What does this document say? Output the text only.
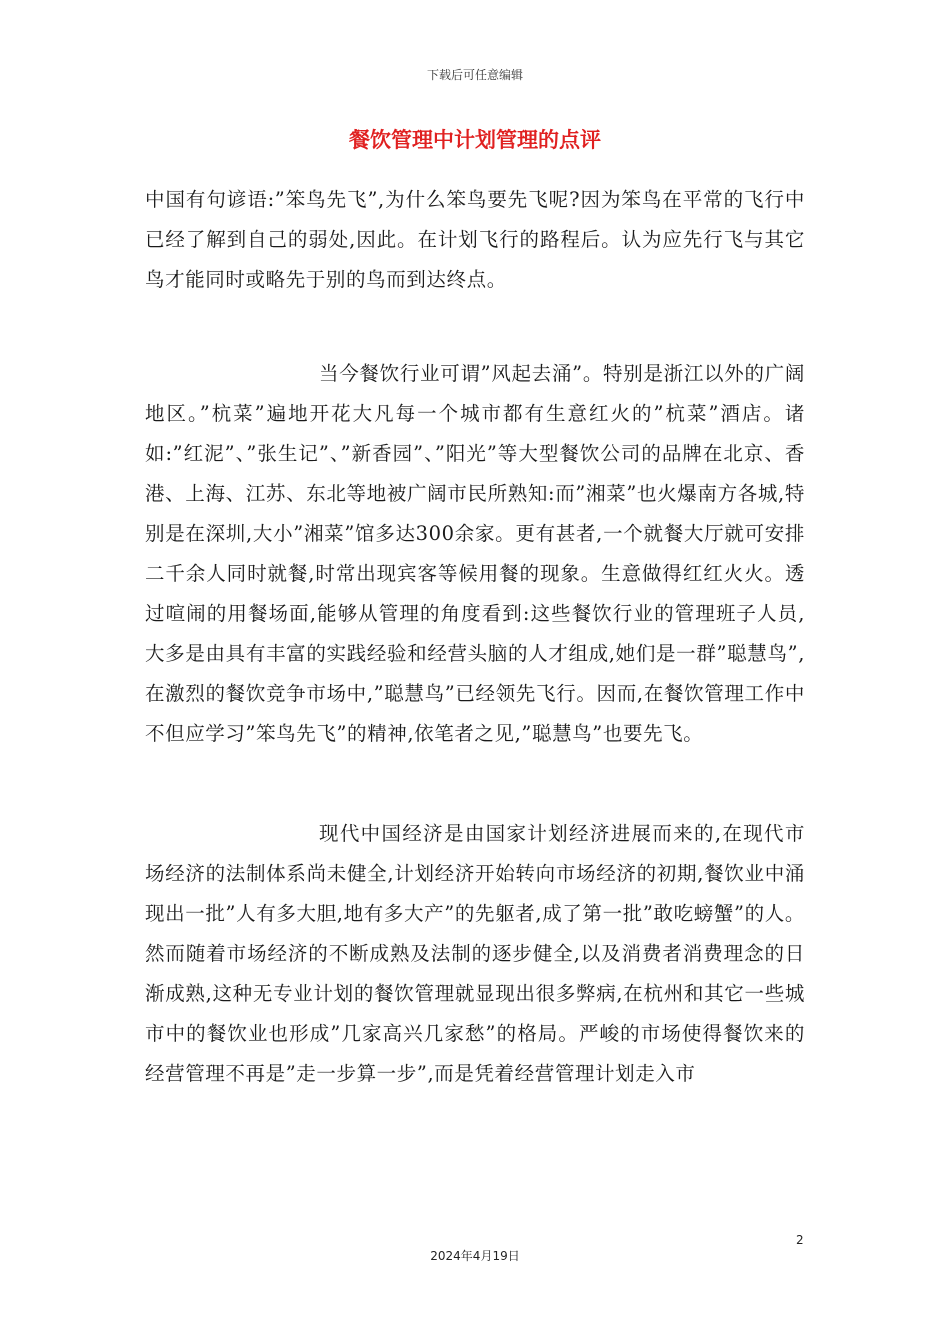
下载后可任意编辑
餐饮管理中计划管理的点评

中国有句谚语:”笨鸟先飞”,为什么笨鸟要先飞呢?因为笨鸟在平常的飞行中已经了解到自己的弱处,因此。在计划飞行的路程后。认为应先行飞与其它鸟才能同时或略先于别的鸟而到达终点。

当今餐饮行业可谓”风起去涌”。特别是浙江以外的广阔地区。”杭菜”遍地开花大凡每一个城市都有生意红火的”杭菜”酒店。诸如:”红泥”、”张生记”、”新香园”、”阳光”等大型餐饮公司的品牌在北京、香港、上海、江苏、东北等地被广阔市民所熟知:而”湘菜”也火爆南方各城,特别是在深圳,大小”湘菜”馆多达300余家。更有甚者,一个就餐大厅就可安排二千余人同时就餐,时常出现宾客等候用餐的现象。生意做得红红火火。透过喧闹的用餐场面,能够从管理的角度看到:这些餐饮行业的管理班子人员,大多是由具有丰富的实践经验和经营头脑的人才组成,她们是一群”聪慧鸟”,在激烈的餐饮竞争市场中,”聪慧鸟”已经领先飞行。因而,在餐饮管理工作中不但应学习”笨鸟先飞”的精神,依笔者之见,”聪慧鸟”也要先飞。

现代中国经济是由国家计划经济进展而来的,在现代市场经济的法制体系尚未健全,计划经济开始转向市场经济的初期,餐饮业中涌现出一批”人有多大胆,地有多大产”的先躯者,成了第一批”敢吃螃蟹”的人。然而随着市场经济的不断成熟及法制的逐步健全,以及消费者消费理念的日渐成熟,这种无专业计划的餐饮管理就显现出很多弊病,在杭州和其它一些城市中的餐饮业也形成”几家高兴几家愁”的格局。严峻的市场使得餐饮来的经营管理不再是”走一步算一步”,而是凭着经营管理计划走入市

2
2024年4月19日
